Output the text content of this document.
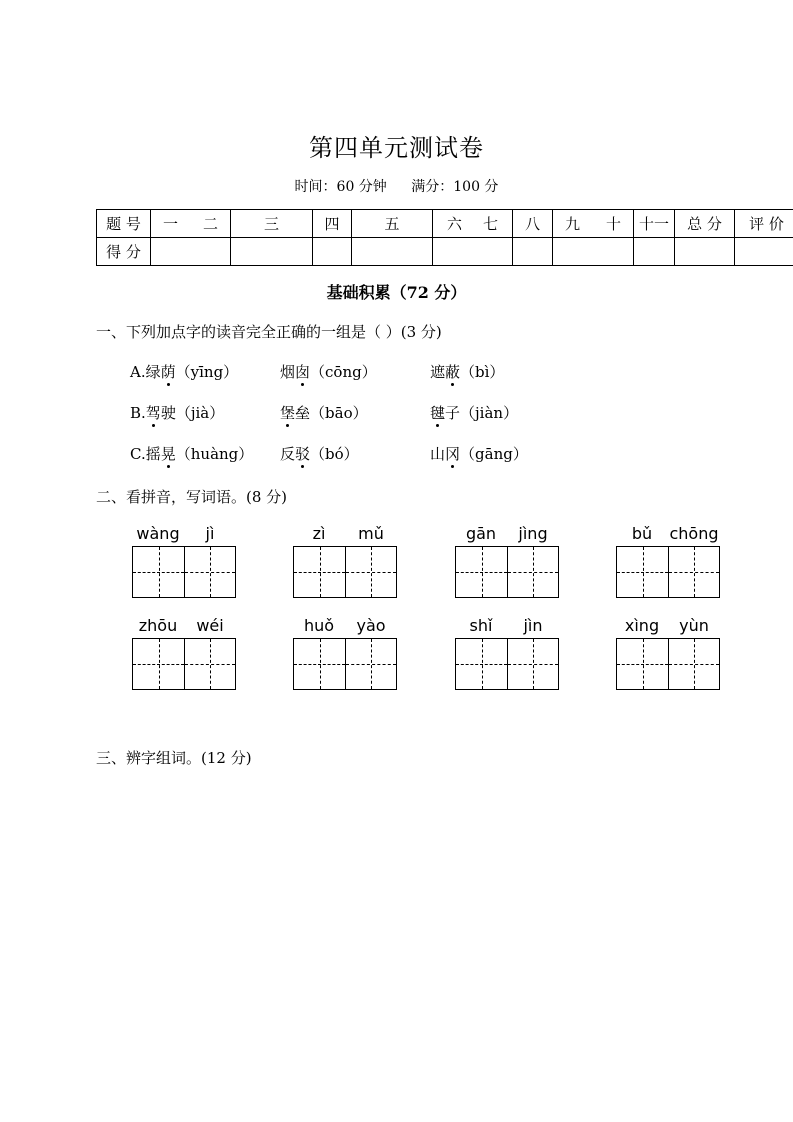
第四单元测试卷
时间：60 分钟 满分：100 分
题 号	一 二	三	四	五	六 七	八	九 十	十一	总 分	评 价
得 分										
基础积累（72 分）
一、下列加点字的读音完全正确的一组是（ ）(3 分)
A.绿荫（yīng）	烟囱（cōng）	遮蔽（bì）
B.驾驶（jià）	堡垒（bāo）	毽子（jiàn）
C.摇晃（huàng） 反驳（bó）	山冈（gāng）
二、看拼音，写词语。(8 分)
wàng	jì	zì	mǔ	gān	jìng	bǔ	chōng
zhōu	wéi	huǒ	yào	shǐ	jìn	xìng	yùn
三、辨字组词。(12 分)
